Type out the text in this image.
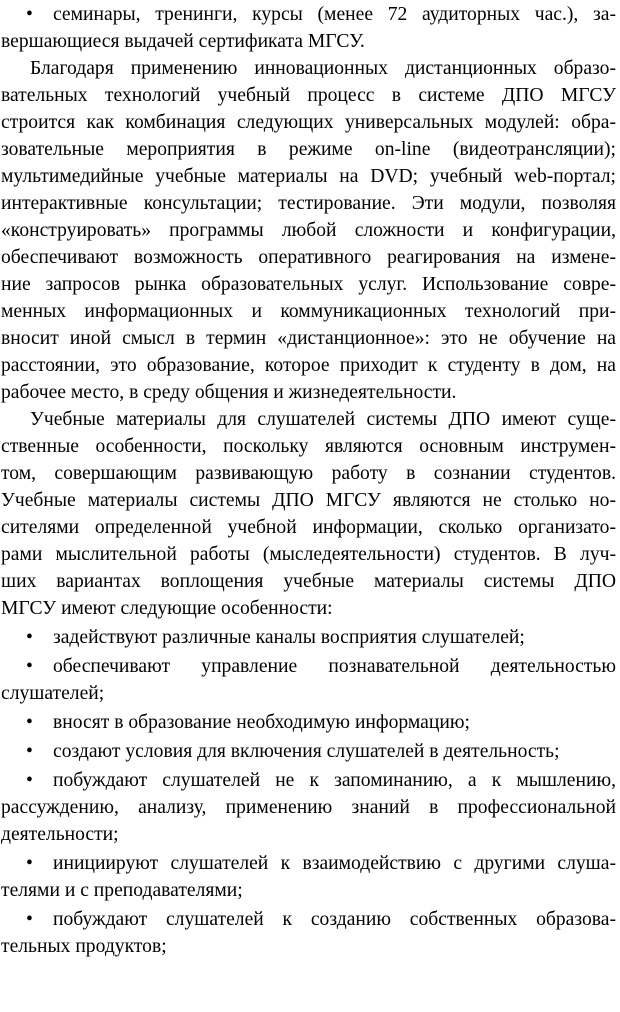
• семинары, тренинги, курсы (менее 72 аудиторных час.), за-
вершающиеся выдачей сертификата МГСУ.
Благодаря применению инновационных дистанционных образо-
вательных технологий учебный процесс в системе ДПО МГСУ
строится как комбинация следующих универсальных модулей: обра-
зовательные мероприятия в режиме on-line (видеотрансляции);
мультимедийные учебные материалы на DVD; учебный web-портал;
интерактивные консультации; тестирование. Эти модули, позволяя
«конструировать» программы любой сложности и конфигурации,
обеспечивают возможность оперативного реагирования на измене-
ние запросов рынка образовательных услуг. Использование совре-
менных информационных и коммуникационных технологий при-
вносит иной смысл в термин «дистанционное»: это не обучение на
расстоянии, это образование, которое приходит к студенту в дом, на
рабочее место, в среду общения и жизнедеятельности.
Учебные материалы для слушателей системы ДПО имеют суще-
ственные особенности, поскольку являются основным инструмен-
том, совершающим развивающую работу в сознании студентов.
Учебные материалы системы ДПО МГСУ являются не столько но-
сителями определенной учебной информации, сколько организато-
рами мыслительной работы (мыследеятельности) студентов. В луч-
ших вариантах воплощения учебные материалы системы ДПО
МГСУ имеют следующие особенности:
• задействуют различные каналы восприятия слушателей;
• обеспечивают управление познавательной деятельностью
слушателей;
• вносят в образование необходимую информацию;
• создают условия для включения слушателей в деятельность;
• побуждают слушателей не к запоминанию, а к мышлению,
рассуждению, анализу, применению знаний в профессиональной
деятельности;
• инициируют слушателей к взаимодействию с другими слуша-
телями и с преподавателями;
• побуждают слушателей к созданию собственных образова-
тельных продуктов;
